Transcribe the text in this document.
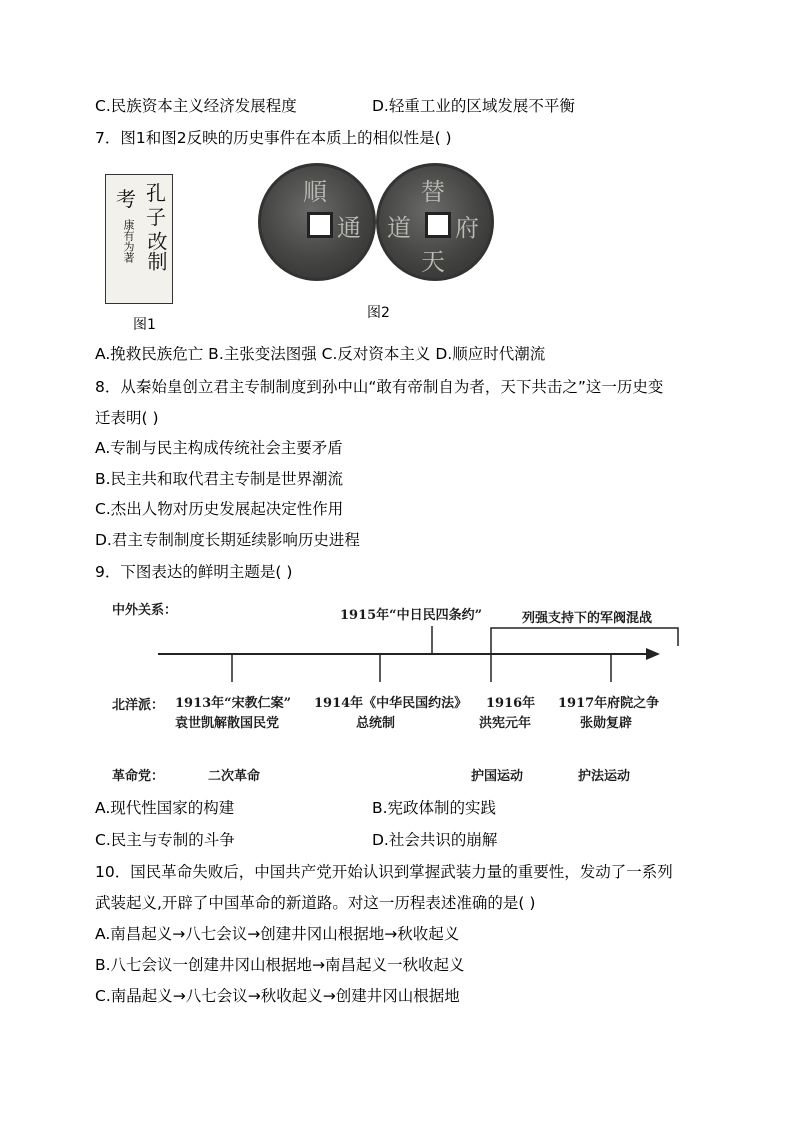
C.民族资本主义经济发展程度	D.轻重工业的区域发展不平衡
7．图1和图2反映的历史事件在本质上的相似性是( )
孔子
改制
考
康有为著
图1
順
通
替
府
天
道
图2
A.挽救民族危亡 B.主张变法图强 C.反对资本主义 D.顺应时代潮流
8．从秦始皇创立君主专制制度到孙中山“敢有帝制自为者，天下共击之”这一历史变
迁表明( )
A.专制与民主构成传统社会主要矛盾
B.民主共和取代君主专制是世界潮流
C.杰出人物对历史发展起决定性作用
D.君主专制制度长期延续影响历史进程
9．下图表达的鲜明主题是( )
中外关系：	1915年“中日民四条约”	列强支持下的军阀混战
北洋派： 1913年“宋教仁案”
袁世凯解散国民党
1914年《中华民国约法》
总统制
1916年
洪宪元年
1917年府院之争
张勋复辟
革命党：	二次革命	护国运动	护法运动
A.现代性国家的构建	B.宪政体制的实践
C.民主与专制的斗争	D.社会共识的崩解
10．国民革命失败后，中国共产党开始认识到掌握武装力量的重要性，发动了一系列
武装起义,开辟了中国革命的新道路。对这一历程表述准确的是( )
A.南昌起义→八七会议→创建井冈山根据地→秋收起义
B.八七会议一创建井冈山根据地→南昌起义一秋收起义
C.南晶起义→八七会议→秋收起义→创建井冈山根据地
